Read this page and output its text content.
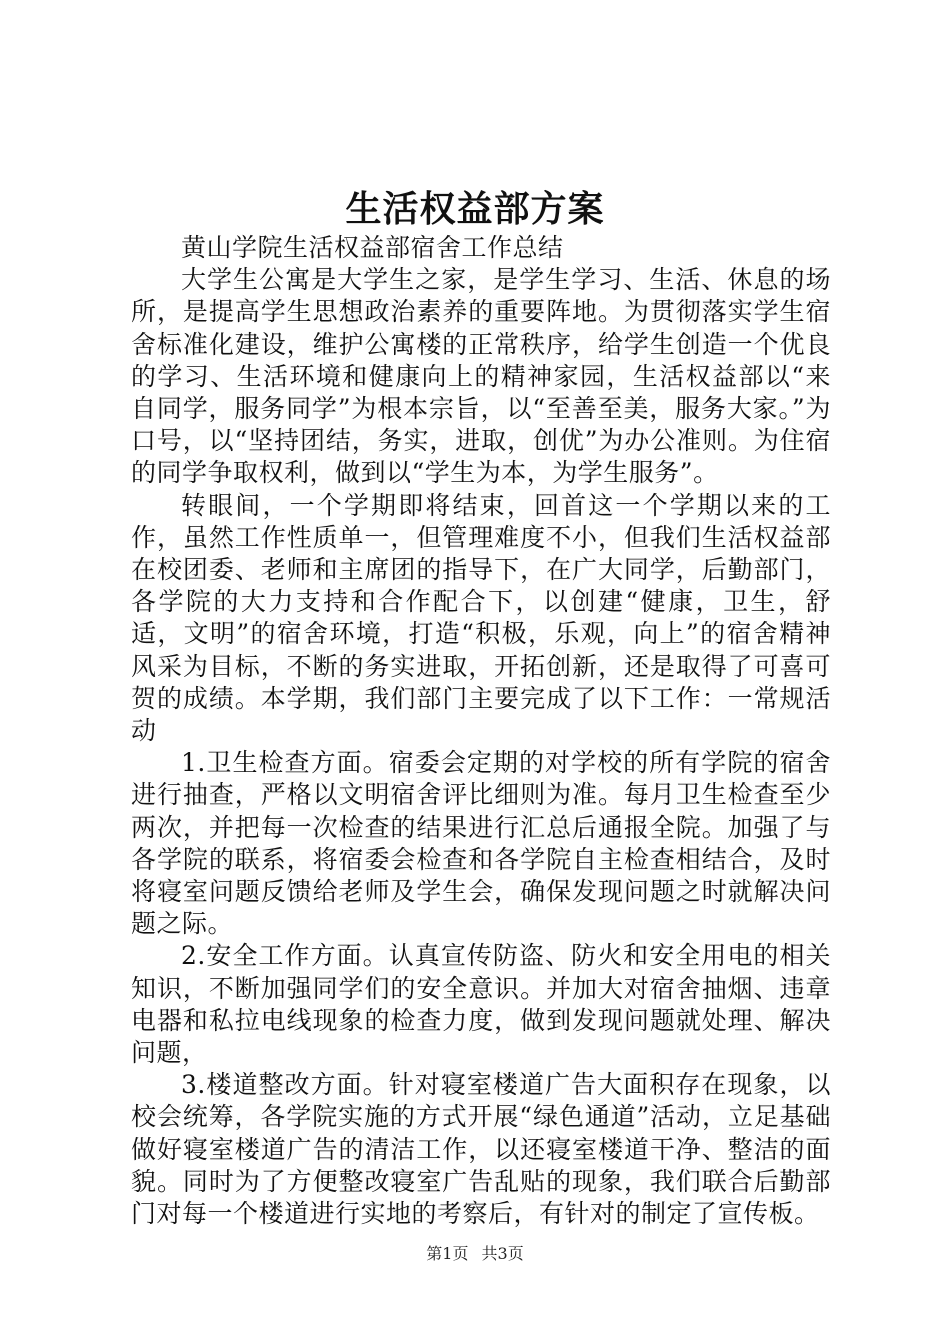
生活权益部方案

黄山学院生活权益部宿舍工作总结

大学生公寓是大学生之家，是学生学习、生活、休息的场所，是提高学生思想政治素养的重要阵地。为贯彻落实学生宿舍标准化建设，维护公寓楼的正常秩序，给学生创造一个优良的学习、生活环境和健康向上的精神家园，生活权益部以“来自同学，服务同学”为根本宗旨，以“至善至美，服务大家。”为口号，以“坚持团结，务实，进取，创优”为办公准则。为住宿的同学争取权利，做到以“学生为本，为学生服务”。

转眼间，一个学期即将结束，回首这一个学期以来的工作，虽然工作性质单一，但管理难度不小，但我们生活权益部在校团委、老师和主席团的指导下，在广大同学，后勤部门，各学院的大力支持和合作配合下，以创建“健康，卫生，舒适，文明”的宿舍环境，打造“积极，乐观，向上”的宿舍精神风采为目标，不断的务实进取，开拓创新，还是取得了可喜可贺的成绩。本学期，我们部门主要完成了以下工作：一常规活动

1.卫生检查方面。宿委会定期的对学校的所有学院的宿舍进行抽查，严格以文明宿舍评比细则为准。每月卫生检查至少两次，并把每一次检查的结果进行汇总后通报全院。加强了与各学院的联系，将宿委会检查和各学院自主检查相结合，及时将寝室问题反馈给老师及学生会，确保发现问题之时就解决问题之际。

2.安全工作方面。认真宣传防盗、防火和安全用电的相关知识，不断加强同学们的安全意识。并加大对宿舍抽烟、违章电器和私拉电线现象的检查力度，做到发现问题就处理、解决问题，

3.楼道整改方面。针对寝室楼道广告大面积存在现象，以校会统筹，各学院实施的方式开展“绿色通道”活动，立足基础做好寝室楼道广告的清洁工作，以还寝室楼道干净、整洁的面貌。同时为了方便整改寝室广告乱贴的现象，我们联合后勤部门对每一个楼道进行实地的考察后，有针对的制定了宣传板。

第1页 共3页
